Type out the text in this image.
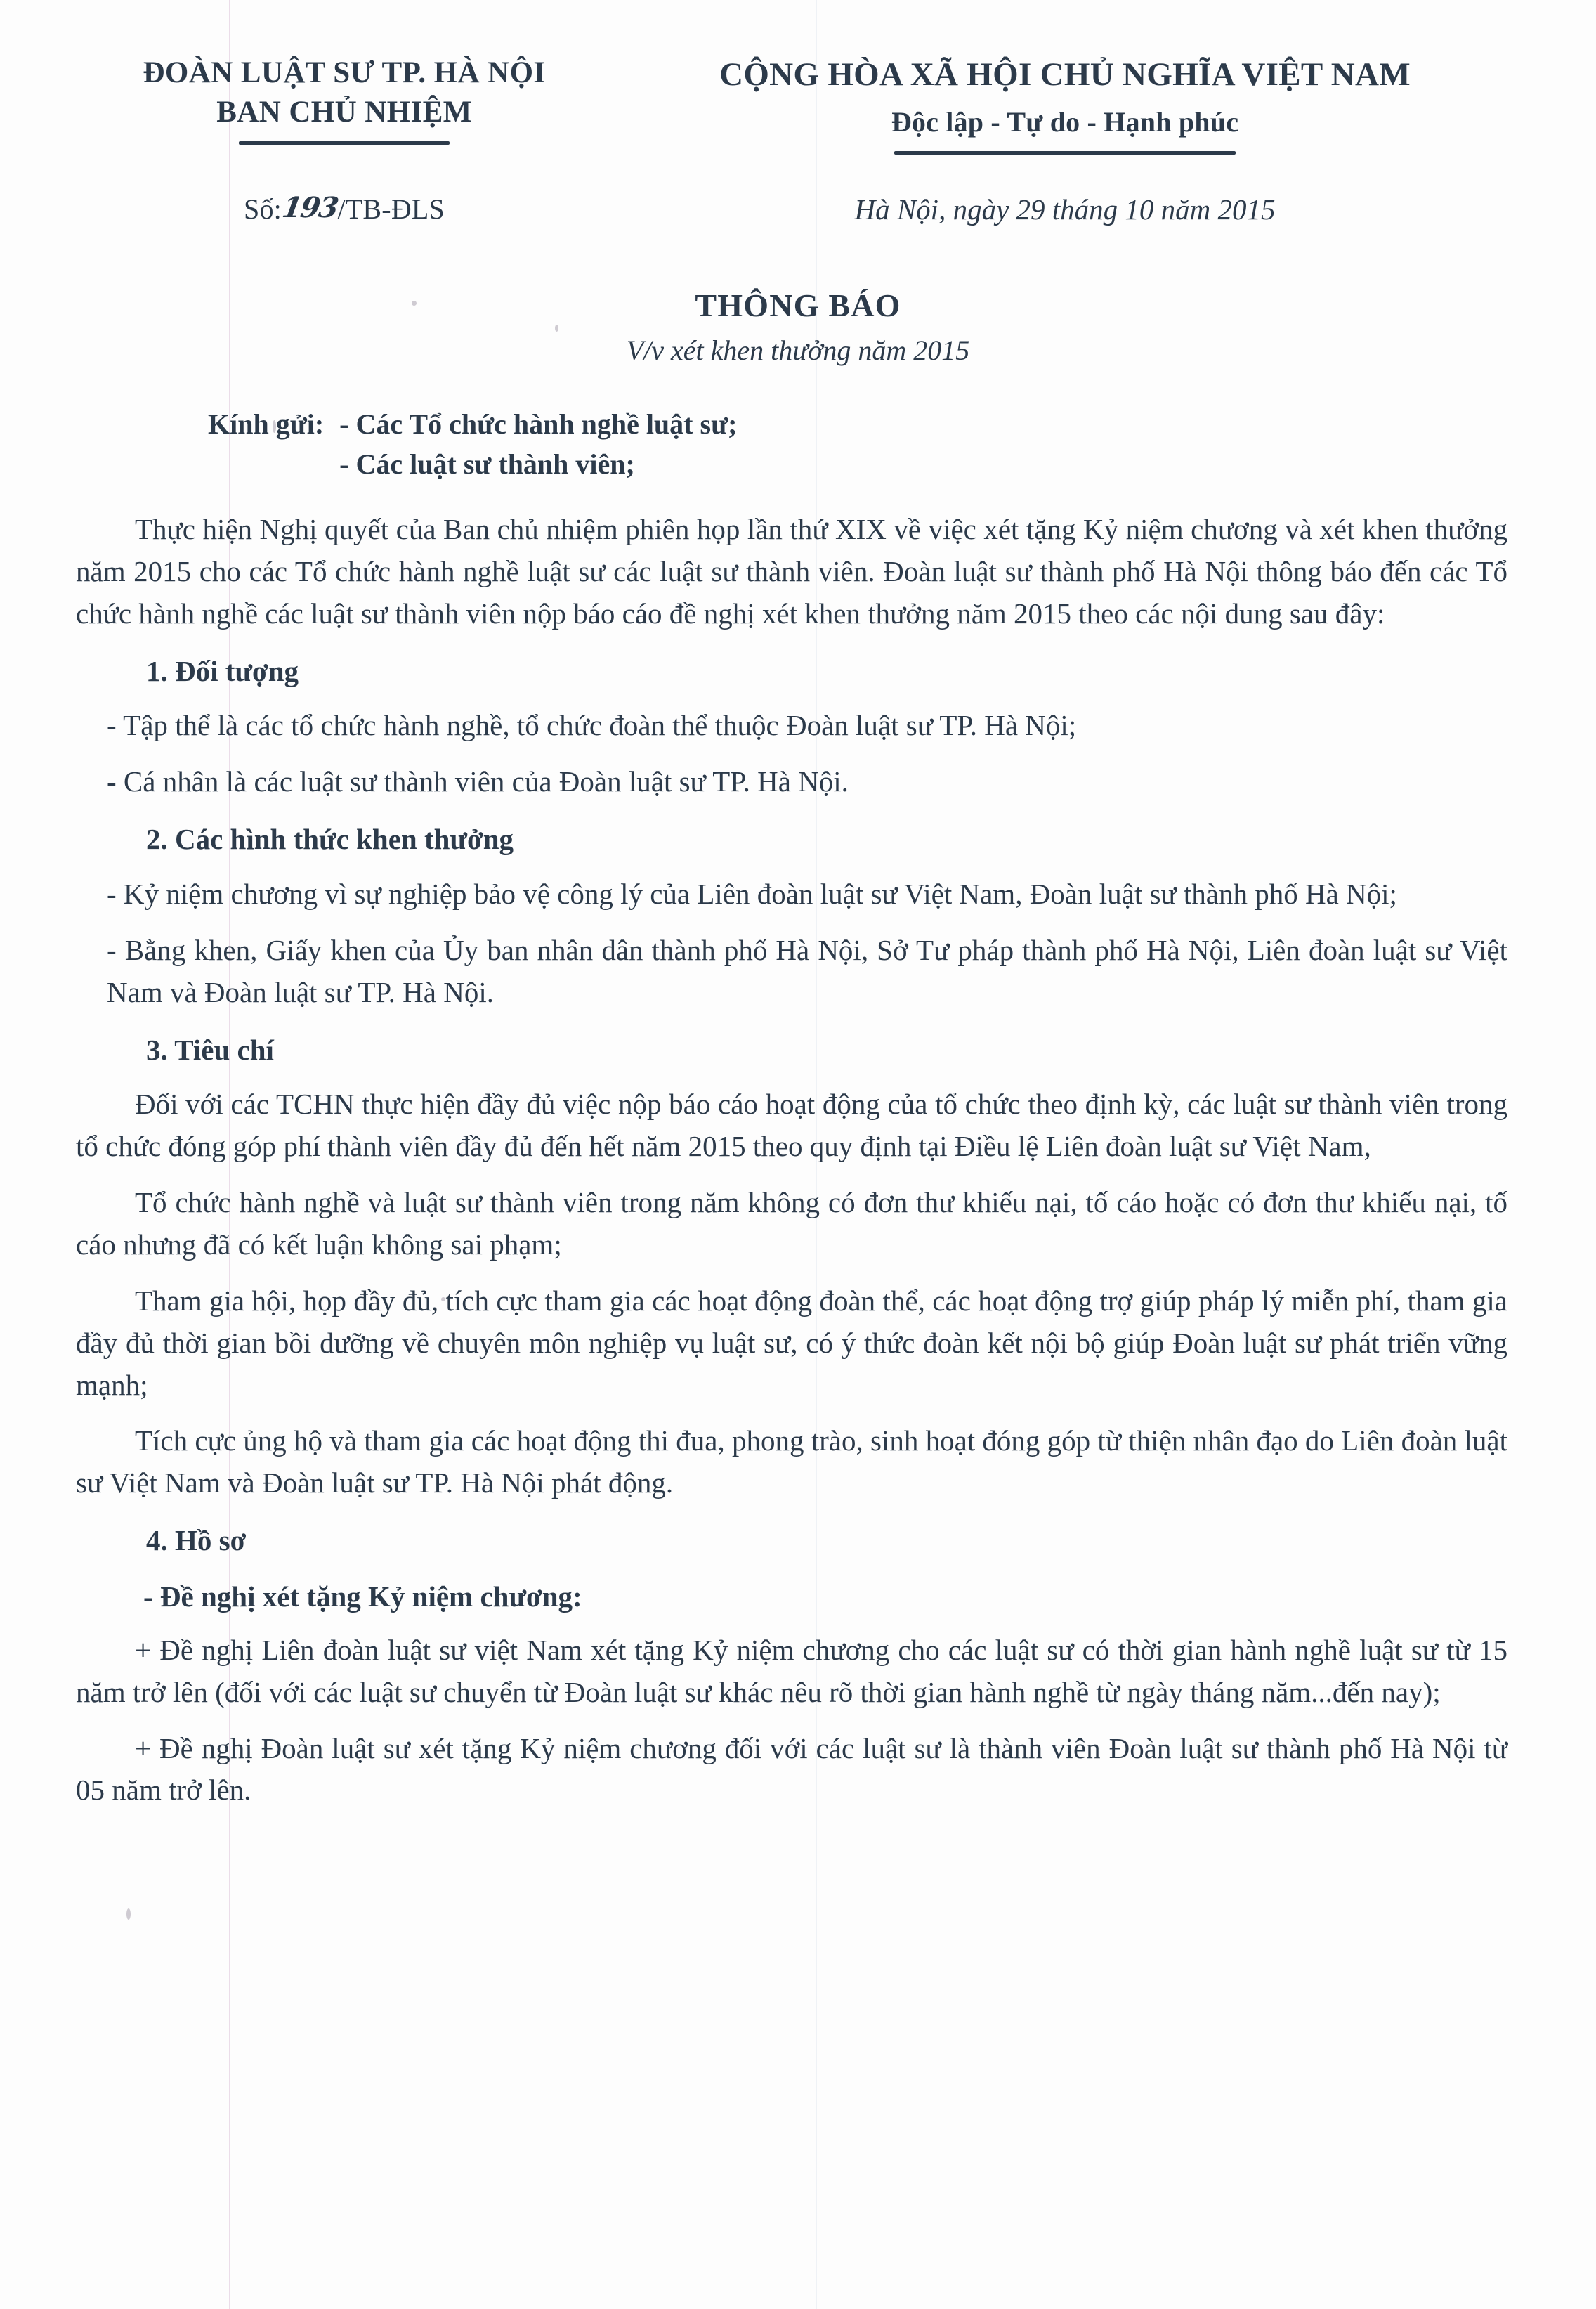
ĐOÀN LUẬT SƯ TP. HÀ NỘI
BAN CHỦ NHIỆM
CỘNG HÒA XÃ HỘI CHỦ NGHĨA VIỆT NAM
Độc lập - Tự do - Hạnh phúc
Số:193/TB-ĐLS	Hà Nội, ngày 29 tháng 10 năm 2015
THÔNG BÁO
V/v xét khen thưởng năm 2015
Kính gửi: - Các Tổ chức hành nghề luật sư;
- Các luật sư thành viên;

Thực hiện Nghị quyết của Ban chủ nhiệm phiên họp lần thứ XIX về việc xét tặng Kỷ niệm chương và xét khen thưởng năm 2015 cho các Tổ chức hành nghề luật sư các luật sư thành viên. Đoàn luật sư thành phố Hà Nội thông báo đến các Tổ chức hành nghề các luật sư thành viên nộp báo cáo đề nghị xét khen thưởng năm 2015 theo các nội dung sau đây:

1. Đối tượng

- Tập thể là các tổ chức hành nghề, tổ chức đoàn thể thuộc Đoàn luật sư TP. Hà Nội;

- Cá nhân là các luật sư thành viên của Đoàn luật sư TP. Hà Nội.

2. Các hình thức khen thưởng

- Kỷ niệm chương vì sự nghiệp bảo vệ công lý của Liên đoàn luật sư Việt Nam, Đoàn luật sư thành phố Hà Nội;

- Bằng khen, Giấy khen của Ủy ban nhân dân thành phố Hà Nội, Sở Tư pháp thành phố Hà Nội, Liên đoàn luật sư Việt Nam và Đoàn luật sư TP. Hà Nội.

3. Tiêu chí

Đối với các TCHN thực hiện đầy đủ việc nộp báo cáo hoạt động của tổ chức theo định kỳ, các luật sư thành viên trong tổ chức đóng góp phí thành viên đầy đủ đến hết năm 2015 theo quy định tại Điều lệ Liên đoàn luật sư Việt Nam,

Tổ chức hành nghề và luật sư thành viên trong năm không có đơn thư khiếu nại, tố cáo hoặc có đơn thư khiếu nại, tố cáo nhưng đã có kết luận không sai phạm;

Tham gia hội, họp đầy đủ, tích cực tham gia các hoạt động đoàn thể, các hoạt động trợ giúp pháp lý miễn phí, tham gia đầy đủ thời gian bồi dưỡng về chuyên môn nghiệp vụ luật sư, có ý thức đoàn kết nội bộ giúp Đoàn luật sư phát triển vững mạnh;

Tích cực ủng hộ và tham gia các hoạt động thi đua, phong trào, sinh hoạt đóng góp từ thiện nhân đạo do Liên đoàn luật sư Việt Nam và Đoàn luật sư TP. Hà Nội phát động.

4. Hồ sơ
- Đề nghị xét tặng Kỷ niệm chương:

+ Đề nghị Liên đoàn luật sư việt Nam xét tặng Kỷ niệm chương cho các luật sư có thời gian hành nghề luật sư từ 15 năm trở lên (đối với các luật sư chuyển từ Đoàn luật sư khác nêu rõ thời gian hành nghề từ ngày tháng năm...đến nay);

+ Đề nghị Đoàn luật sư xét tặng Kỷ niệm chương đối với các luật sư là thành viên Đoàn luật sư thành phố Hà Nội từ 05 năm trở lên.
